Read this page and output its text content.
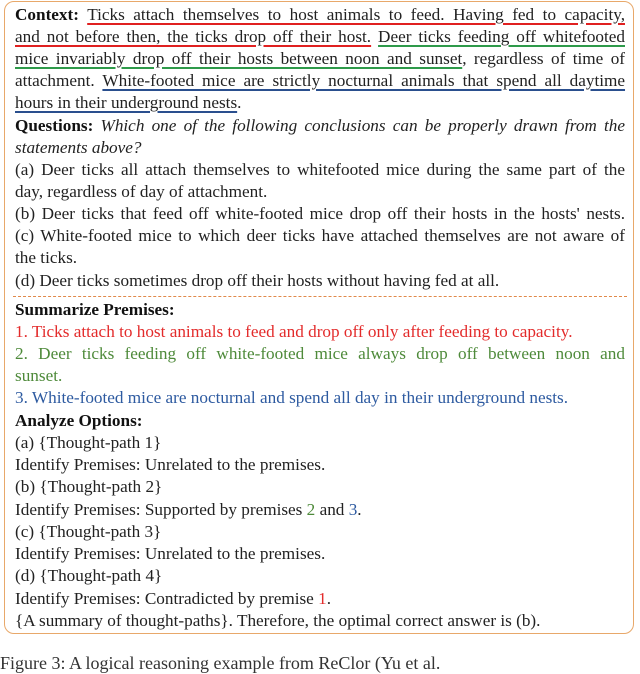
Context: Ticks attach themselves to host animals to feed. Having fed to capacity,
and not before then, the ticks drop off their host. Deer ticks feeding off whitefooted
mice invariably drop off their hosts between noon and sunset, regardless of time of
attachment. White-footed mice are strictly nocturnal animals that spend all daytime
hours in their underground nests.
Questions: Which one of the following conclusions can be properly drawn from the
statements above?
(a) Deer ticks all attach themselves to whitefooted mice during the same part of the
day, regardless of day of attachment.
(b) Deer ticks that feed off white-footed mice drop off their hosts in the hosts' nests.
(c) White-footed mice to which deer ticks have attached themselves are not aware of
the ticks.
(d) Deer ticks sometimes drop off their hosts without having fed at all.
Summarize Premises:
1. Ticks attach to host animals to feed and drop off only after feeding to capacity.
2. Deer ticks feeding off white-footed mice always drop off between noon and
sunset.
3. White-footed mice are nocturnal and spend all day in their underground nests.
Analyze Options:
(a) {Thought-path 1}
Identify Premises: Unrelated to the premises.
(b) {Thought-path 2}
Identify Premises: Supported by premises 2 and 3.
(c) {Thought-path 3}
Identify Premises: Unrelated to the premises.
(d) {Thought-path 4}
Identify Premises: Contradicted by premise 1.
{A summary of thought-paths}. Therefore, the optimal correct answer is (b).
Figure 3: A logical reasoning example from ReClor (Yu et al.
